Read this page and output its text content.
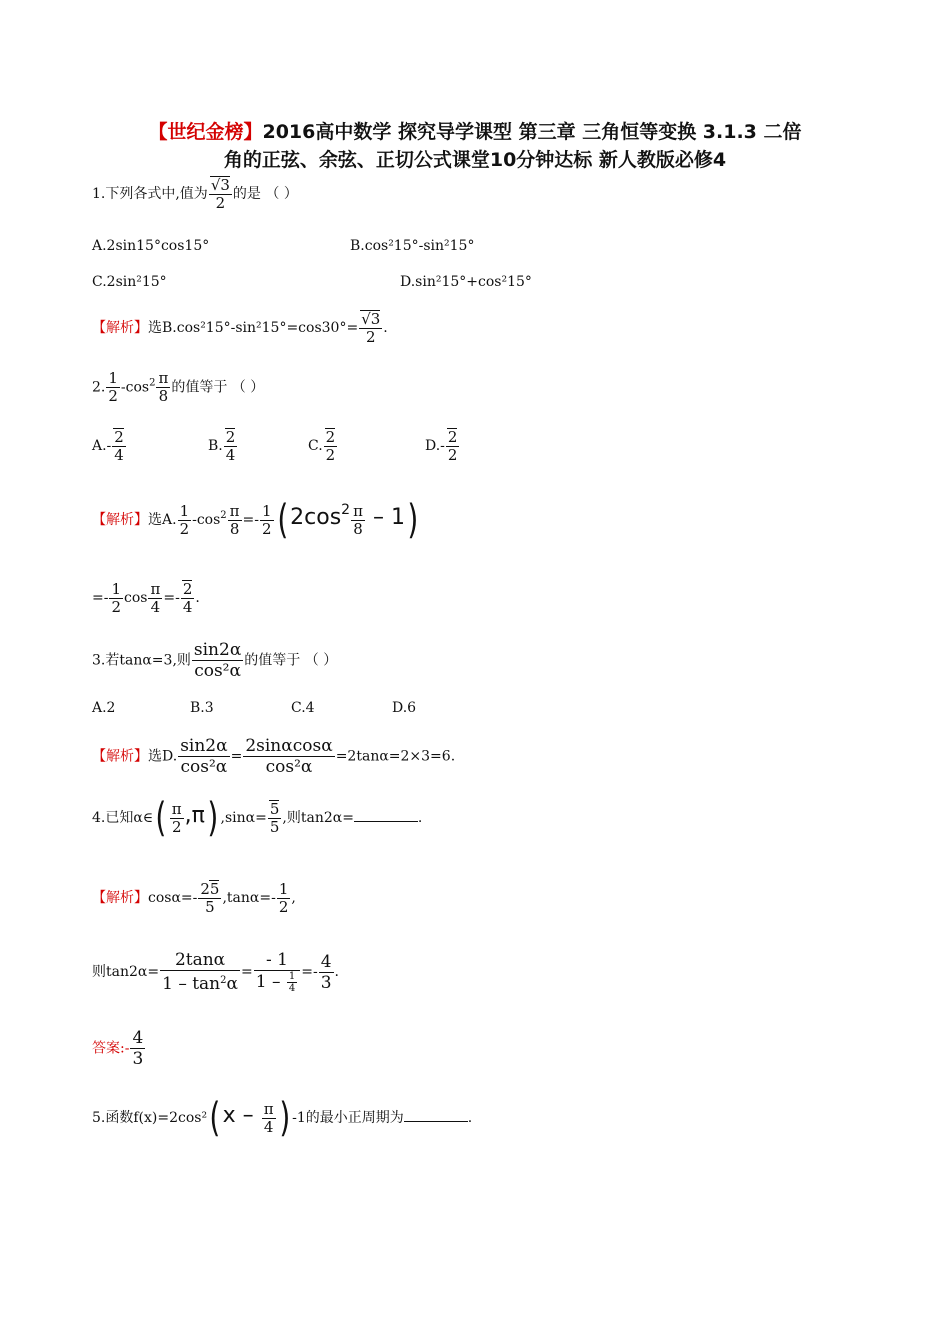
【世纪金榜】2016高中数学 探究导学课型 第三章 三角恒等变换 3.1.3 二倍
角的正弦、余弦、正切公式课堂10分钟达标 新人教版必修4
1.下列各式中,值为 $\frac{√3}{2}$ 的是 （ ）
A.2sin15°cos15°	B.cos²15°-sin²15°
C.2sin²15°	D.sin²15°+cos²15°
【解析】选$B.\cos^215^\circ-\sin^215^\circ=\cos 30^\circ= \frac{√3}{2}$ .
2. $\frac{1}{2} -\cos^2 \frac{\pi}{8}$ 的值等于 （ ）
$A.- \frac{2}{4}$	B. $\frac{2}{4}$	C. $\frac{2}{2}$	$D.- \frac{2}{2}$
【解析】选A. $\frac{1}{2} -\cos^2 \frac{\pi}{8} =- \frac{1}{2}$ ( $2\cos^2 \frac{\pi}{8} - 1$)
=- $\frac{1}{2}$ $\cos \frac{\pi}{4} =- \frac{2}{4}$ .
3.若tanα=3,则 $\frac{\sin 2\alpha}{\text{cos²α}}$ 的值等于 （ ）
A.2	B.3	C.4	D.6
【解析】选D. $\frac{\sin 2\alpha}{\text{cos²α}} = \frac{2\sin\alpha\cos\alpha}{\text{cos²α}} =2\tan\alpha=2\times 3=6$.
4.已知α∈( $\frac{\pi}{2} ,\pi$) $,\sin\alpha= \frac{5}{5}$ ,则tan2α=	.
【解析】$\cos\alpha=- \frac{25}{5} ,\tan\alpha=- \frac{1}{2}$ ,
则$\tan 2\alpha= \frac{2\tan\alpha}{1 - \tan^2\alpha} = \frac{- 1}{1 - \frac{1}{4}} =- \frac{4}{3}$ .
答案:- $\frac{4}{3}$
5.函数f(x)=2cos²( x – $\frac{\pi}{4}$ ) -1的最小正周期为	.
